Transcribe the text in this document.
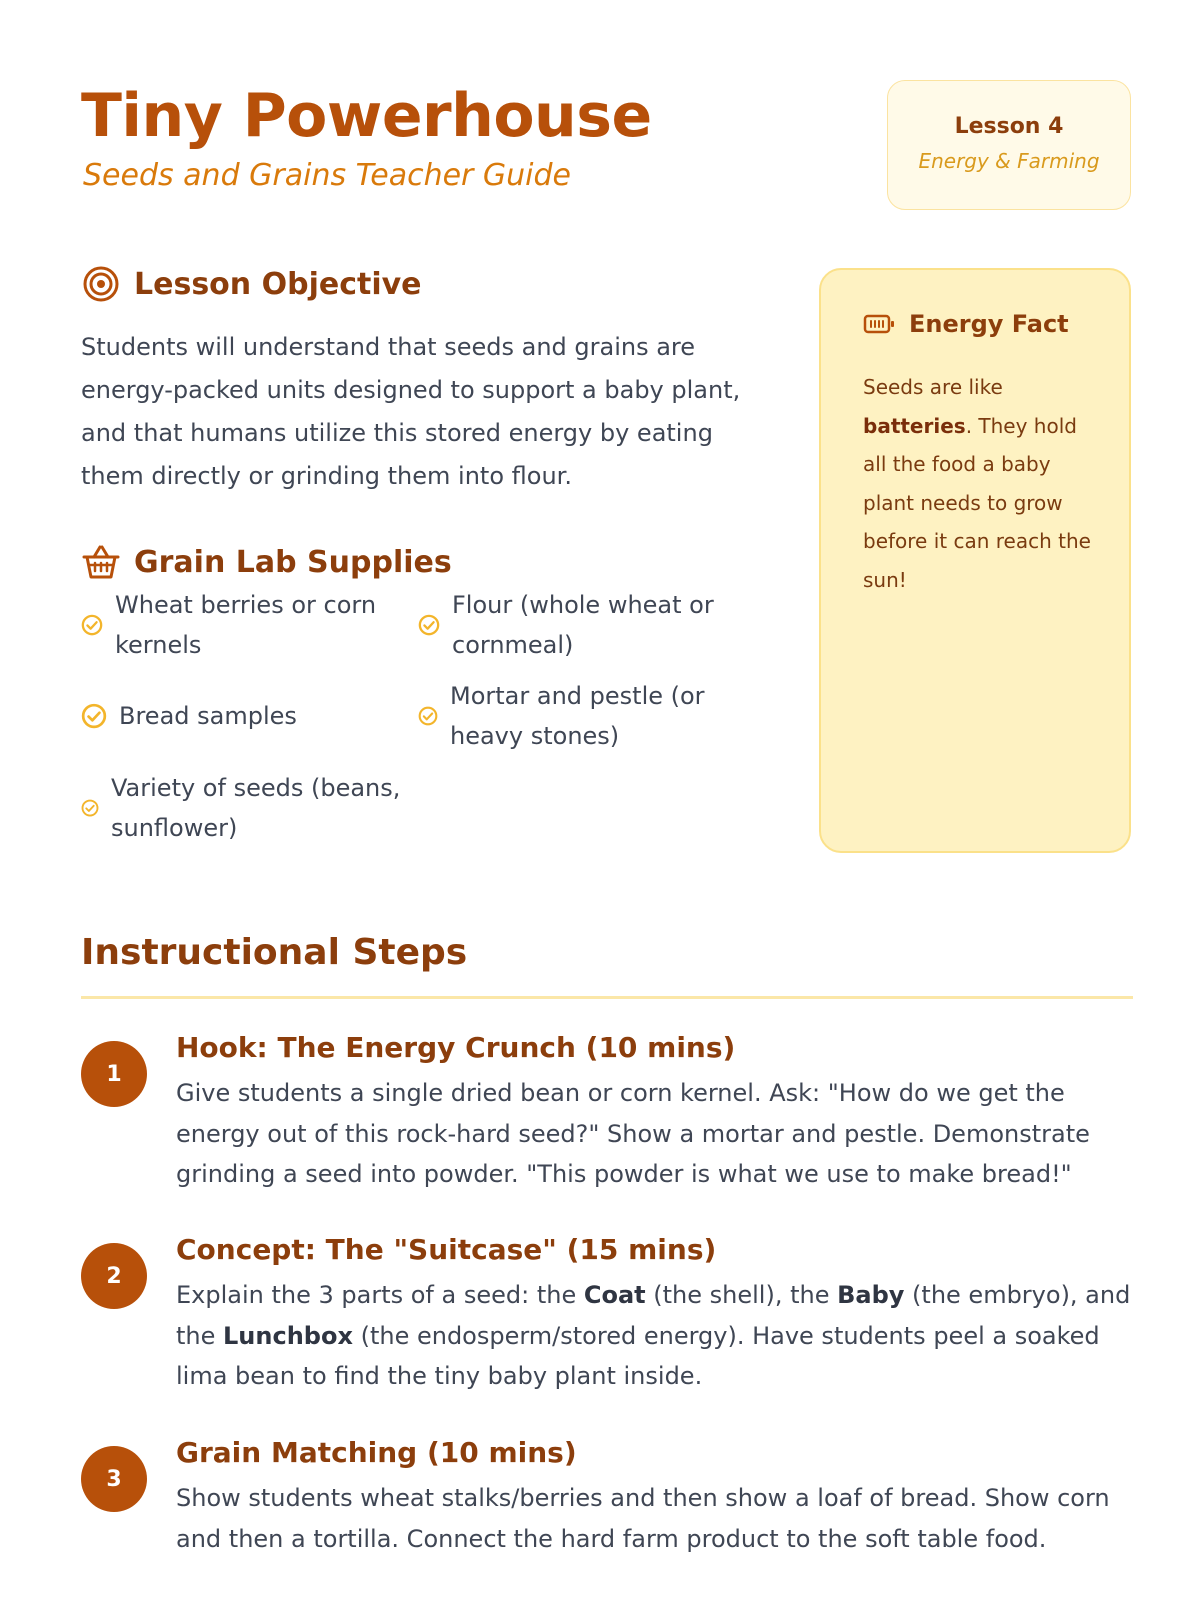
Tiny Powerhouse
Seeds and Grains Teacher Guide
Lesson 4
Energy & Farming
Lesson Objective

Students will understand that seeds and grains are energy-packed units designed to support a baby plant, and that humans utilize this stored energy by eating them directly or grinding them into flour.

Grain Lab Supplies
Wheat berries or corn kernels
Flour (whole wheat or cornmeal)
Bread samples
Mortar and pestle (or heavy stones)
Variety of seeds (beans, sunflower)
Energy Fact
Seeds are like batteries. They hold all the food a baby plant needs to grow before it can reach the sun!
Instructional Steps
1
Hook: The Energy Crunch (10 mins)
Give students a single dried bean or corn kernel. Ask: "How do we get the energy out of this rock-hard seed?" Show a mortar and pestle. Demonstrate grinding a seed into powder. "This powder is what we use to make bread!"
2
Concept: The "Suitcase" (15 mins)
Explain the 3 parts of a seed: the Coat (the shell), the Baby (the embryo), and the Lunchbox (the endosperm/stored energy). Have students peel a soaked lima bean to find the tiny baby plant inside.
3
Grain Matching (10 mins)
Show students wheat stalks/berries and then show a loaf of bread. Show corn and then a tortilla. Connect the hard farm product to the soft table food.
